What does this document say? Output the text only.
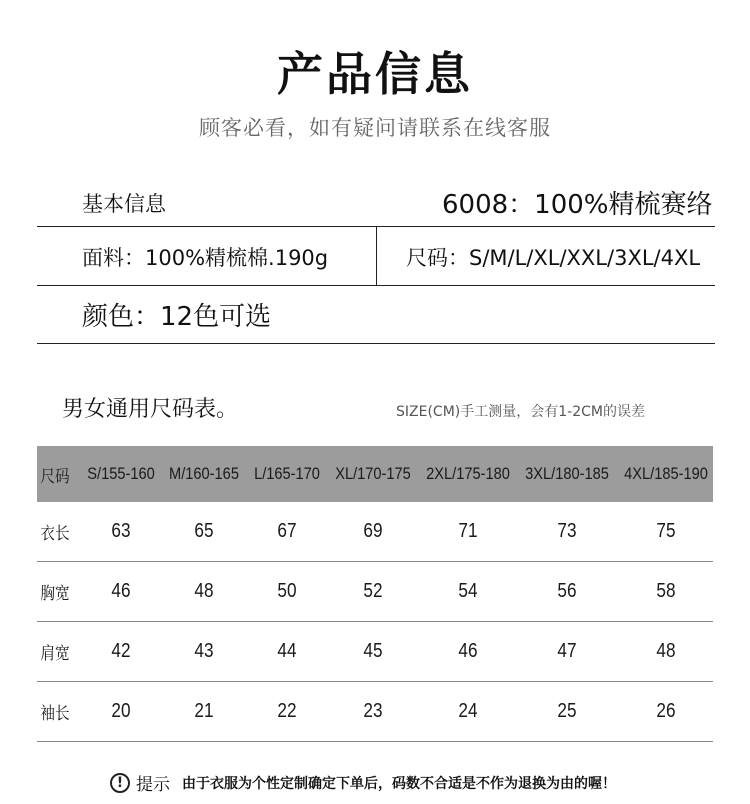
产品信息
顾客必看，如有疑问请联系在线客服
基本信息	6008：100%精梳赛络
面料：100%精梳棉.190g	尺码：S/M/L/XL/XXL/3XL/4XL
颜色：12色可选
男女通用尺码表。	SIZE(CM)手工测量，会有1-2CM的误差
尺码 S/155-160 M/160-165 L/165-170 XL/170-175 2XL/175-180 3XL/180-185 4XL/185-190
衣长	63	65	67	69	71	73	75
胸宽	46	48	50	52	54	56	58
肩宽	42	43	44	45	46	47	48
袖长	20	21	22	23	24	25	26
! 提示 由于衣服为个性定制确定下单后，码数不合适是不作为退换为由的喔！
